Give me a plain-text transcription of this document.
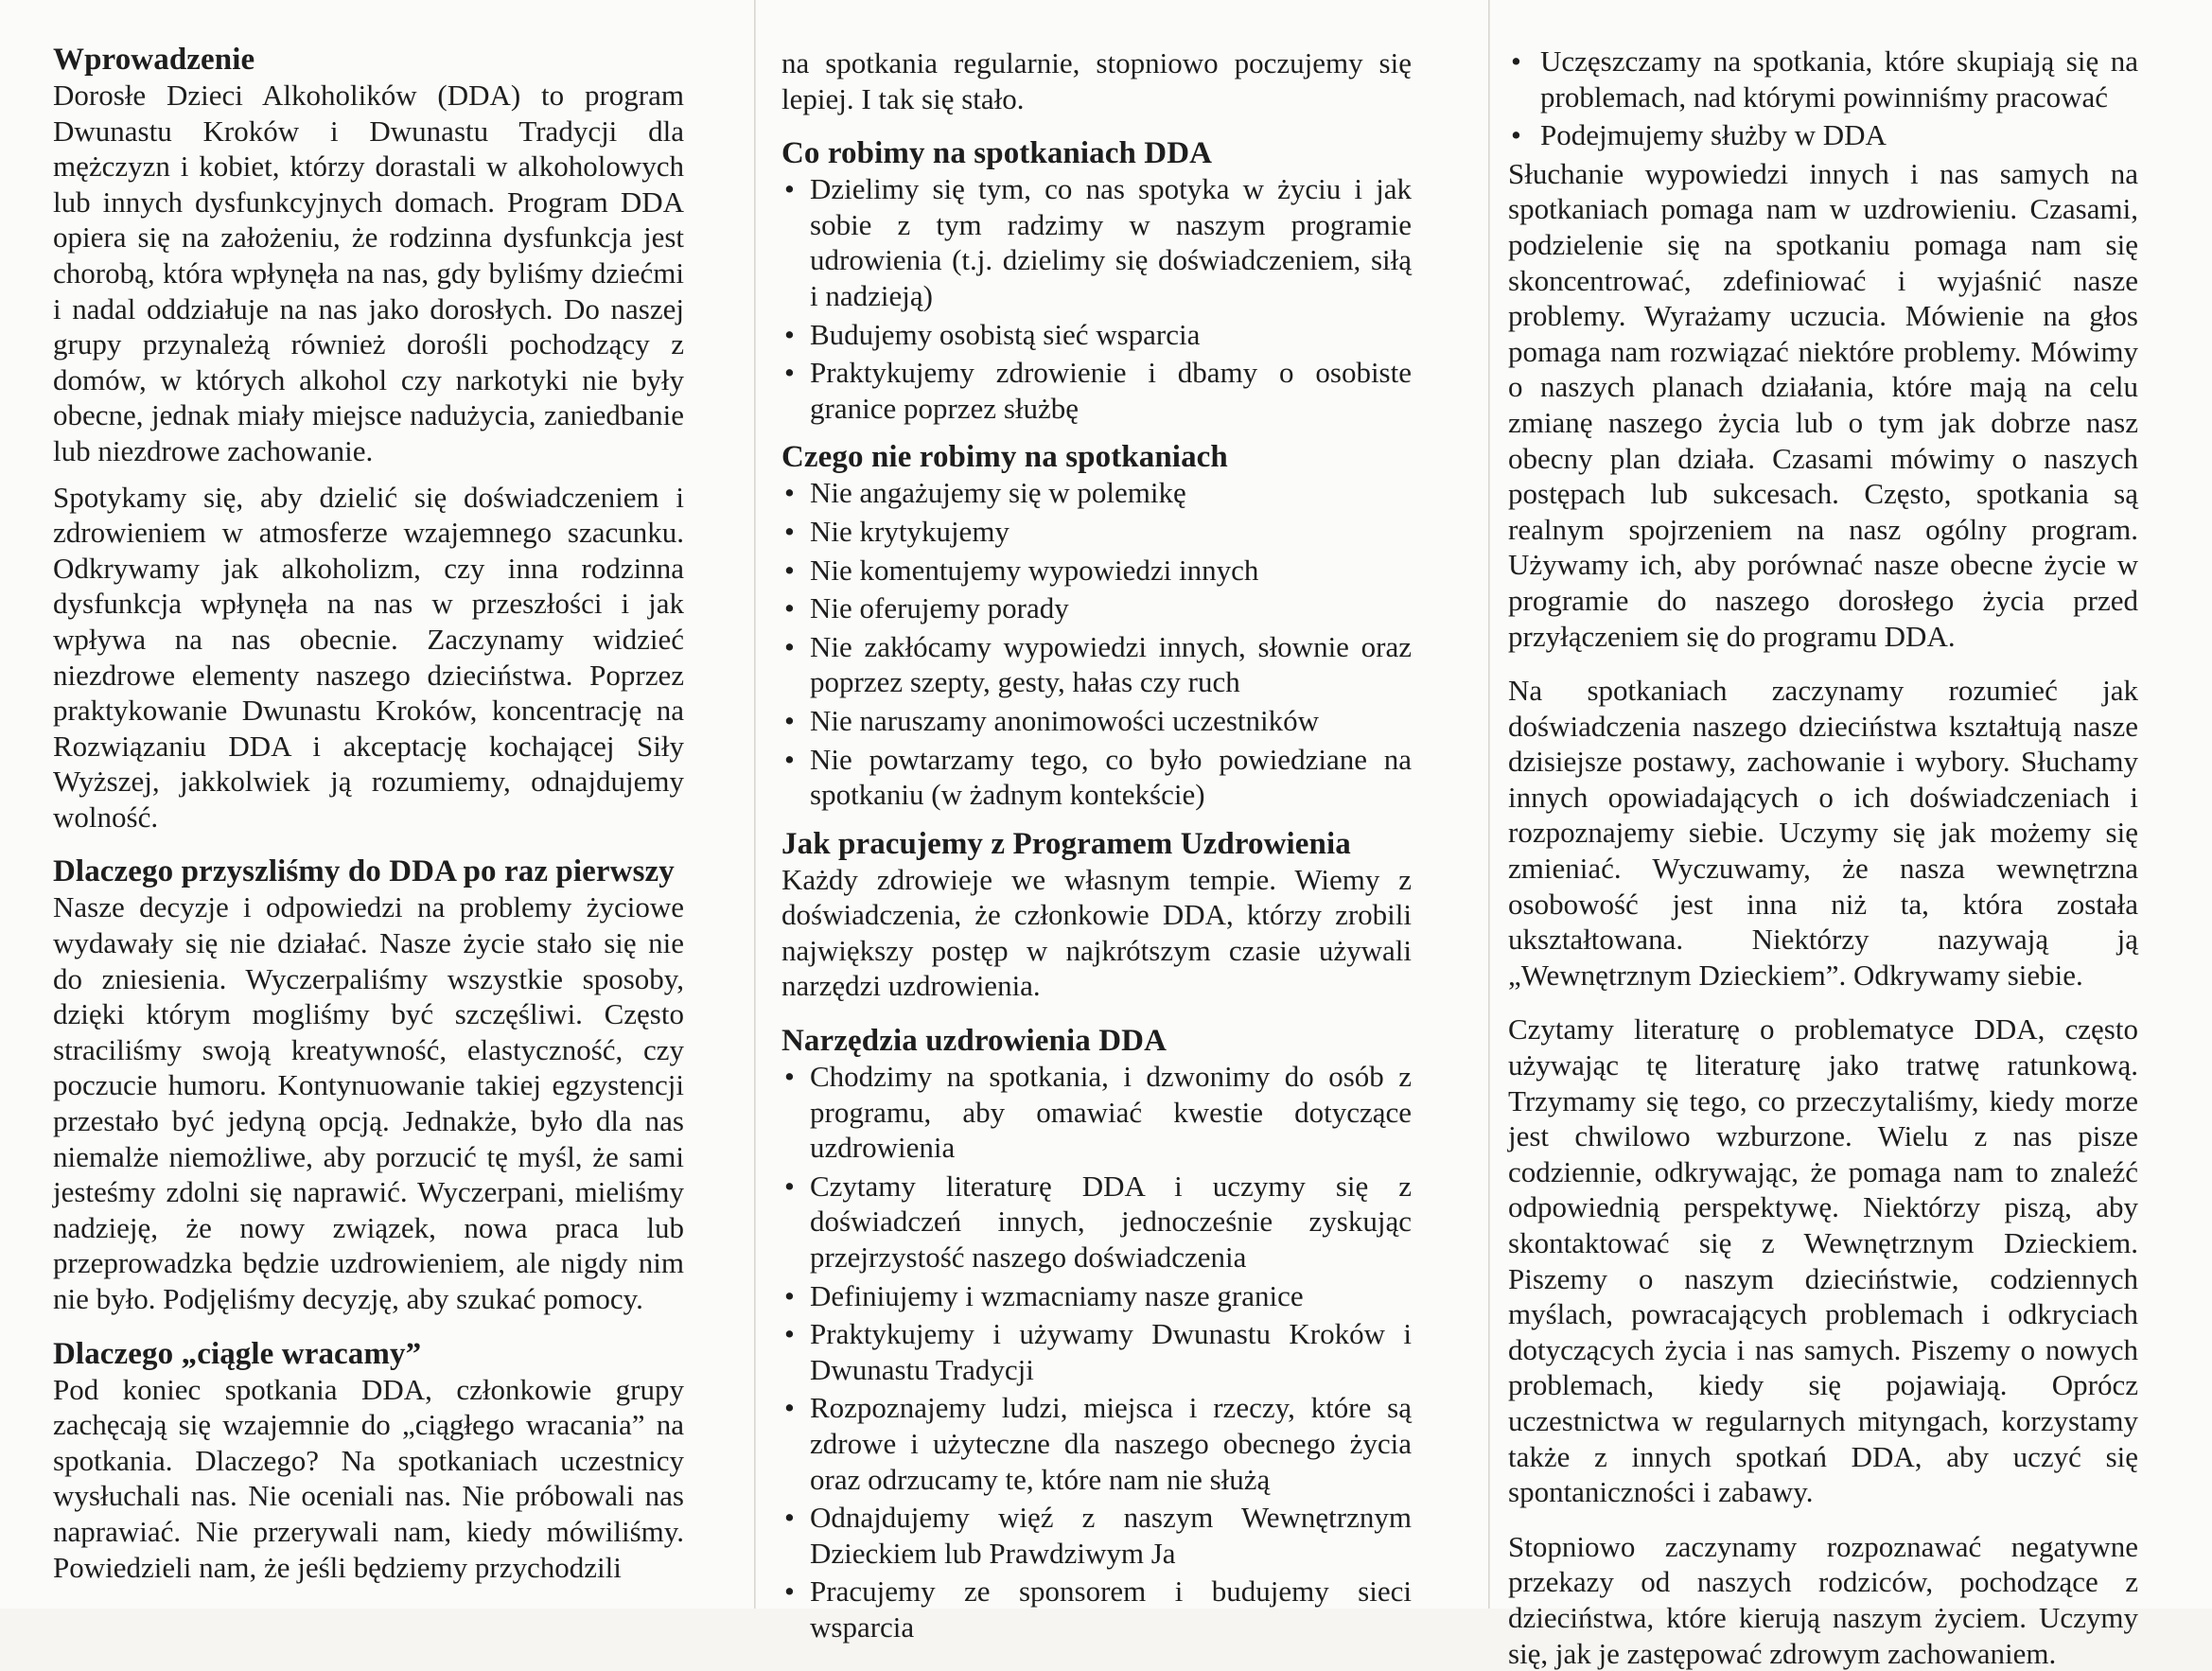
Wprowadzenie

Dorosłe Dzieci Alkoholików (DDA) to program Dwunastu Kroków i Dwunastu Tradycji dla mężczyzn i kobiet, którzy dorastali w alkoholowych lub innych dysfunkcyjnych domach. Program DDA opiera się na założeniu, że rodzinna dysfunkcja jest chorobą, która wpłynęła na nas, gdy byliśmy dziećmi i nadal oddziałuje na nas jako dorosłych. Do naszej grupy przynależą również dorośli pochodzący z domów, w których alkohol czy narkotyki nie były obecne, jednak miały miejsce nadużycia, zaniedbanie lub niezdrowe zachowanie.

Spotykamy się, aby dzielić się doświadczeniem i zdrowieniem w atmosferze wzajemnego szacunku. Odkrywamy jak alkoholizm, czy inna rodzinna dysfunkcja wpłynęła na nas w przeszłości i jak wpływa na nas obecnie. Zaczynamy widzieć niezdrowe elementy naszego dzieciństwa. Poprzez praktykowanie Dwunastu Kroków, koncentrację na Rozwiązaniu DDA i akceptację kochającej Siły Wyższej, jakkolwiek ją rozumiemy, odnajdujemy wolność.

Dlaczego przyszliśmy do DDA po raz pierwszy

Nasze decyzje i odpowiedzi na problemy życiowe wydawały się nie działać. Nasze życie stało się nie do zniesienia. Wyczerpaliśmy wszystkie sposoby, dzięki którym mogliśmy być szczęśliwi. Często straciliśmy swoją kreatywność, elastyczność, czy poczucie humoru. Kontynuowanie takiej egzystencji przestało być jedyną opcją. Jednakże, było dla nas niemalże niemożliwe, aby porzucić tę myśl, że sami jesteśmy zdolni się naprawić. Wyczerpani, mieliśmy nadzieję, że nowy związek, nowa praca lub przeprowadzka będzie uzdrowieniem, ale nigdy nim nie było. Podjęliśmy decyzję, aby szukać pomocy.

Dlaczego „ciągle wracamy”

Pod koniec spotkania DDA, członkowie grupy zachęcają się wzajemnie do „ciągłego wracania” na spotkania. Dlaczego? Na spotkaniach uczestnicy wysłuchali nas. Nie oceniali nas. Nie próbowali nas naprawiać. Nie przerywali nam, kiedy mówiliśmy. Powiedzieli nam, że jeśli będziemy przychodzili

na spotkania regularnie, stopniowo poczujemy się lepiej. I tak się stało.

Co robimy na spotkaniach DDA
• Dzielimy się tym, co nas spotyka w życiu i jak sobie z tym radzimy w naszym programie udrowienia (t.j. dzielimy się doświadczeniem, siłą i nadzieją)
• Budujemy osobistą sieć wsparcia
• Praktykujemy zdrowienie i dbamy o osobiste granice poprzez służbę
Czego nie robimy na spotkaniach
• Nie angażujemy się w polemikę
• Nie krytykujemy
• Nie komentujemy wypowiedzi innych
• Nie oferujemy porady
• Nie zakłócamy wypowiedzi innych, słownie oraz poprzez szepty, gesty, hałas czy ruch
• Nie naruszamy anonimowości uczestników
• Nie powtarzamy tego, co było powiedziane na spotkaniu (w żadnym kontekście)
Jak pracujemy z Programem Uzdrowienia

Każdy zdrowieje we własnym tempie. Wiemy z doświadczenia, że członkowie DDA, którzy zrobili największy postęp w najkrótszym czasie używali narzędzi uzdrowienia.

Narzędzia uzdrowienia DDA
• Chodzimy na spotkania, i dzwonimy do osób z programu, aby omawiać kwestie dotyczące uzdrowienia
• Czytamy literaturę DDA i uczymy się z doświadczeń innych, jednocześnie zyskując przejrzystość naszego doświadczenia
• Definiujemy i wzmacniamy nasze granice
• Praktykujemy i używamy Dwunastu Kroków i Dwunastu Tradycji
• Rozpoznajemy ludzi, miejsca i rzeczy, które są zdrowe i użyteczne dla naszego obecnego życia oraz odrzucamy te, które nam nie służą
• Odnajdujemy więź z naszym Wewnętrznym Dzieckiem lub Prawdziwym Ja
• Pracujemy ze sponsorem i budujemy sieci wsparcia
• Uczęszczamy na spotkania, które skupiają się na problemach, nad którymi powinniśmy pracować
• Podejmujemy służby w DDA

Słuchanie wypowiedzi innych i nas samych na spotkaniach pomaga nam w uzdrowieniu. Czasami, podzielenie się na spotkaniu pomaga nam się skoncentrować, zdefiniować i wyjaśnić nasze problemy. Wyrażamy uczucia. Mówienie na głos pomaga nam rozwiązać niektóre problemy. Mówimy o naszych planach działania, które mają na celu zmianę naszego życia lub o tym jak dobrze nasz obecny plan działa. Czasami mówimy o naszych postępach lub sukcesach. Często, spotkania są realnym spojrzeniem na nasz ogólny program. Używamy ich, aby porównać nasze obecne życie w programie do naszego dorosłego życia przed przyłączeniem się do programu DDA.

Na spotkaniach zaczynamy rozumieć jak doświadczenia naszego dzieciństwa kształtują nasze dzisiejsze postawy, zachowanie i wybory. Słuchamy innych opowiadających o ich doświadczeniach i rozpoznajemy siebie. Uczymy się jak możemy się zmieniać. Wyczuwamy, że nasza wewnętrzna osobowość jest inna niż ta, która została ukształtowana. Niektórzy nazywają ją „Wewnętrznym Dzieckiem”. Odkrywamy siebie.

Czytamy literaturę o problematyce DDA, często używając tę literaturę jako tratwę ratunkową. Trzymamy się tego, co przeczytaliśmy, kiedy morze jest chwilowo wzburzone. Wielu z nas pisze codziennie, odkrywając, że pomaga nam to znaleźć odpowiednią perspektywę. Niektórzy piszą, aby skontaktować się z Wewnętrznym Dzieckiem. Piszemy o naszym dzieciństwie, codziennych myślach, powracających problemach i odkryciach dotyczących życia i nas samych. Piszemy o nowych problemach, kiedy się pojawiają. Oprócz uczestnictwa w regularnych mityngach, korzystamy także z innych spotkań DDA, aby uczyć się spontaniczności i zabawy.

Stopniowo zaczynamy rozpoznawać negatywne przekazy od naszych rodziców, pochodzące z dzieciństwa, które kierują naszym życiem. Uczymy się, jak je zastępować zdrowym zachowaniem.
